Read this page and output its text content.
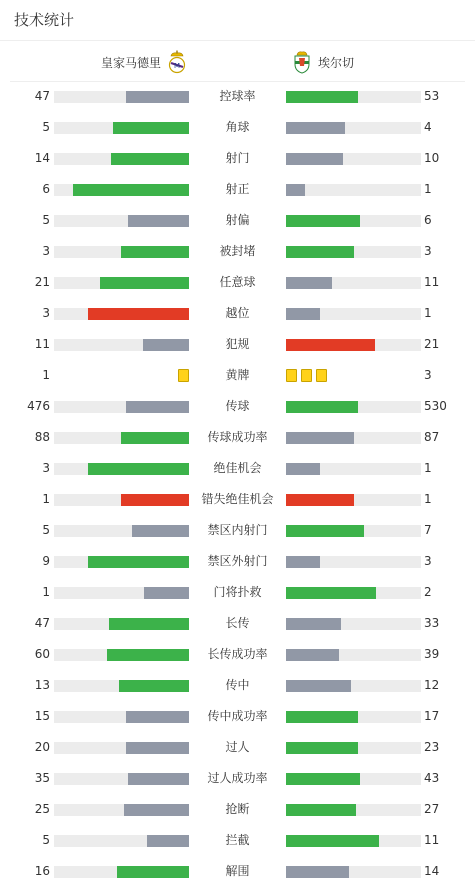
技术统计
皇家马德里 M	埃尔切
47	控球率	53
5	角球	4
14	射门	10
6	射正	1
5	射偏	6
3	被封堵	3
21	任意球	11
3	越位	1
11	犯规	21
1	黄牌	3
476	传球	530
88	传球成功率	87
3	绝佳机会	1
1	错失绝佳机会	1
5	禁区内射门	7
9	禁区外射门	3
1	门将扑救	2
47	长传	33
60	长传成功率	39
13	传中	12
15	传中成功率	17
20	过人	23
35	过人成功率	43
25	抢断	27
5	拦截	11
16	解围	14
